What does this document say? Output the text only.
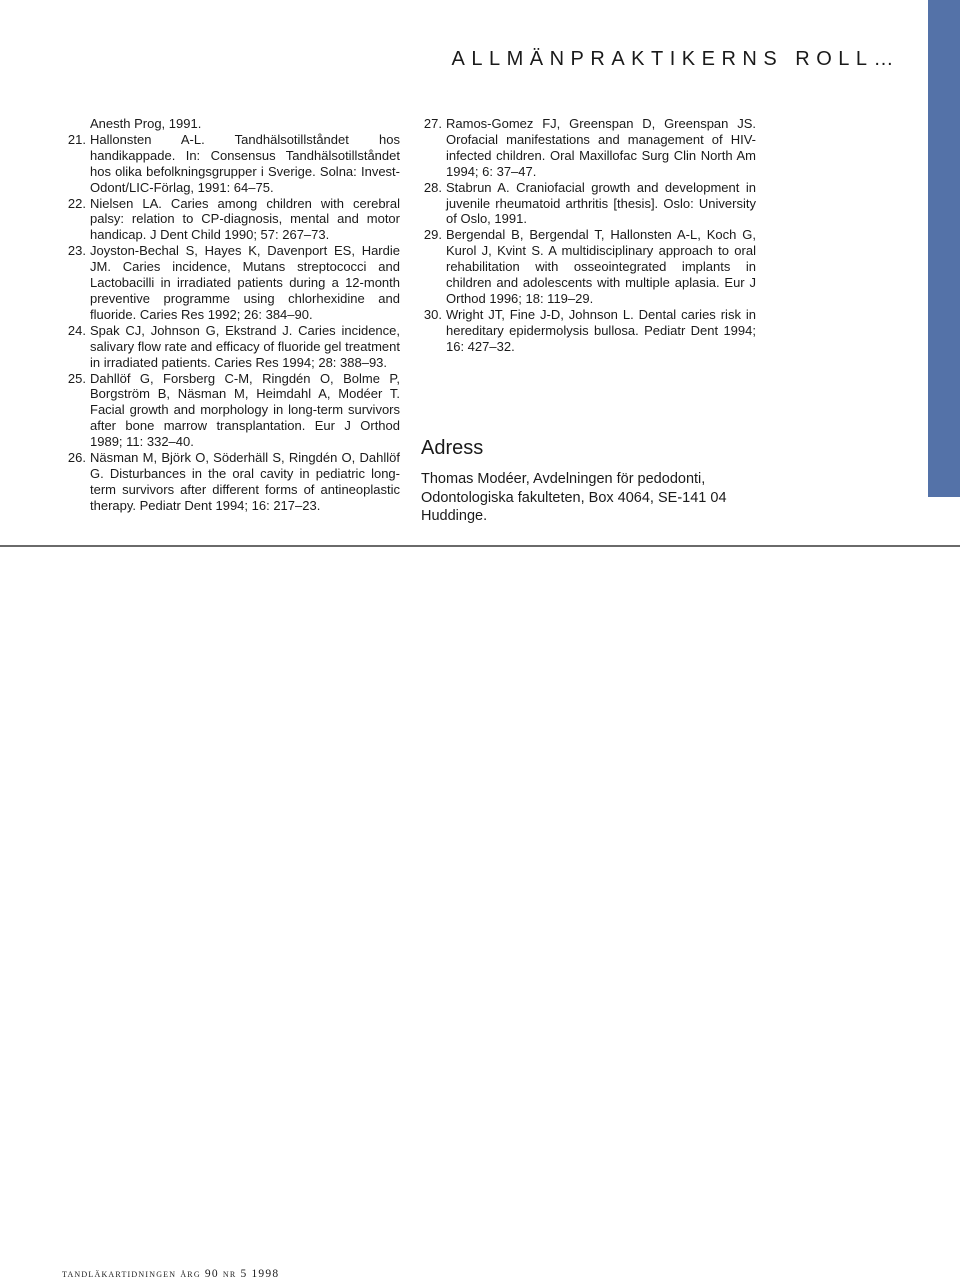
ALLMÄNPRAKTIKERNS ROLL…
Anesth Prog, 1991.
21. Hallonsten A-L. Tandhälsotillståndet hos handikappade. In: Consensus Tandhälsotillståndet hos olika befolkningsgrupper i Sverige. Solna: Invest-Odont/LIC-Förlag, 1991: 64–75.
22. Nielsen LA. Caries among children with cerebral palsy: relation to CP-diagnosis, mental and motor handicap. J Dent Child 1990; 57: 267–73.
23. Joyston-Bechal S, Hayes K, Davenport ES, Hardie JM. Caries incidence, Mutans streptococci and Lactobacilli in irradiated patients during a 12-month preventive programme using chlorhexidine and fluoride. Caries Res 1992; 26: 384–90.
24. Spak CJ, Johnson G, Ekstrand J. Caries incidence, salivary flow rate and efficacy of fluoride gel treatment in irradiated patients. Caries Res 1994; 28: 388–93.
25. Dahllöf G, Forsberg C-M, Ringdén O, Bolme P, Borgström B, Näsman M, Heimdahl A, Modéer T. Facial growth and morphology in long-term survivors after bone marrow transplantation. Eur J Orthod 1989; 11: 332–40.
26. Näsman M, Björk O, Söderhäll S, Ringdén O, Dahllöf G. Disturbances in the oral cavity in pediatric long-term survivors after different forms of antineoplastic therapy. Pediatr Dent 1994; 16: 217–23.
27. Ramos-Gomez FJ, Greenspan D, Greenspan JS. Orofacial manifestations and management of HIV-infected children. Oral Maxillofac Surg Clin North Am 1994; 6: 37–47.
28. Stabrun A. Craniofacial growth and development in juvenile rheumatoid arthritis [thesis]. Oslo: University of Oslo, 1991.
29. Bergendal B, Bergendal T, Hallonsten A-L, Koch G, Kurol J, Kvint S. A multidisciplinary approach to oral rehabilitation with osseointegrated implants in children and adolescents with multiple aplasia. Eur J Orthod 1996; 18: 119–29.
30. Wright JT, Fine J-D, Johnson L. Dental caries risk in hereditary epidermolysis bullosa. Pediatr Dent 1994; 16: 427–32.
Adress

Thomas Modéer, Avdelningen för pedodonti, Odontologiska fakulteten, Box 4064, SE-141 04 Huddinge.

tandläkartidningen årg 90 nr 5 1998
